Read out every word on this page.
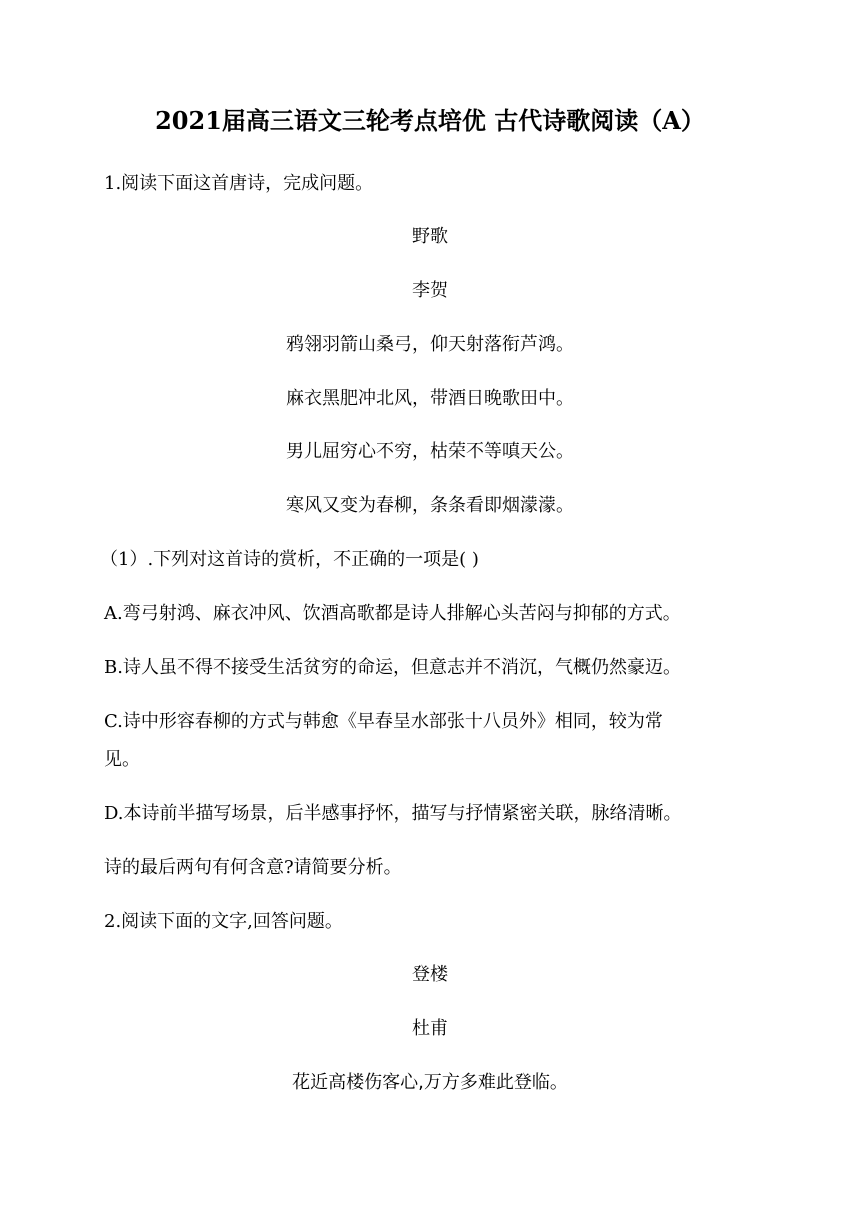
2021届高三语文三轮考点培优 古代诗歌阅读（A）
1.阅读下面这首唐诗，完成问题。
野歌
李贺
鸦翎羽箭山桑弓，仰天射落衔芦鸿。
麻衣黑肥冲北风，带酒日晚歌田中。
男儿屈穷心不穷，枯荣不等嗔天公。
寒风又变为春柳，条条看即烟濛濛。
（1）.下列对这首诗的赏析，不正确的一项是( )
A.弯弓射鸿、麻衣冲风、饮酒高歌都是诗人排解心头苦闷与抑郁的方式。
B.诗人虽不得不接受生活贫穷的命运，但意志并不消沉，气概仍然豪迈。
C.诗中形容春柳的方式与韩愈《早春呈水部张十八员外》相同，较为常
见。
D.本诗前半描写场景，后半感事抒怀，描写与抒情紧密关联，脉络清晰。
诗的最后两句有何含意?请简要分析。
2.阅读下面的文字,回答问题。
登楼
杜甫
花近高楼伤客心,万方多难此登临。
